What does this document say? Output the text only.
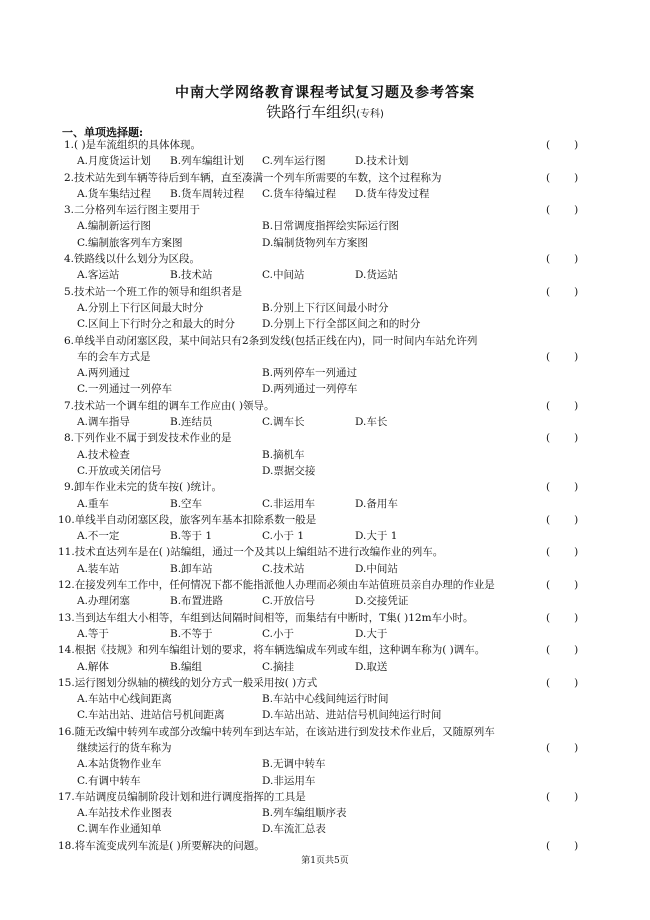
中南大学网络教育课程考试复习题及参考答案
铁路行车组织(专科)
一、单项选择题:
1.( )是车流组织的具体体现。	( )
A.月度货运计划 B.列车编组计划 C.列车运行图	D.技术计划
2.技术站先到车辆等待后到车辆，直至凑满一个列车所需要的车数，这个过程称为	( )
A.货车集结过程 B.货车周转过程 C.货车待编过程 D.货车待发过程
3.二分格列车运行图主要用于	( )
A.编制新运行图	B.日常调度指挥绘实际运行图
C.编制旅客列车方案图	D.编制货物列车方案图
4.铁路线以什么划分为区段。	( )
A.客运站	B.技术站	C.中间站	D.货运站
5.技术站一个班工作的领导和组织者是	( )
A.分别上下行区间最大时分	B.分别上下行区间最小时分
C.区间上下行时分之和最大的时分	D.分别上下行全部区间之和的时分
6.单线半自动闭塞区段，某中间站只有2条到发线(包括正线在内)，同一时间内车站允许列
车的会车方式是	( )
A.两列通过	B.两列停车一列通过
C.一列通过一列停车	D.两列通过一列停车
7.技术站一个调车组的调车工作应由( )领导。	( )
A.调车指导	B.连结员	C.调车长	D.车长
8.下列作业不属于到发技术作业的是	( )
A.技术检查	B.摘机车
C.开放或关闭信号	D.票据交接
9.卸车作业未完的货车按( )统计。	( )
A.重车	B.空车	C.非运用车	D.备用车
10.单线半自动闭塞区段，旅客列车基本扣除系数一般是	( )
A.不一定	B.等于 1	C.小于 1	D.大于 1
11.技术直达列车是在( )站编组，通过一个及其以上编组站不进行改编作业的列车。	( )
A.装车站	B.卸车站	C.技术站	D.中间站
12.在接发列车工作中，任何情况下都不能指派他人办理而必须由车站值班员亲自办理的作业是	( )
A.办理闭塞	B.布置进路	C.开放信号	D.交接凭证
13.当到达车组大小相等，车组到达间隔时间相等，而集结有中断时，T集( )12m车小时。	( )
A.等于	B.不等于	C.小于	D.大于
14.根据《技规》和列车编组计划的要求，将车辆选编成车列或车组，这种调车称为( )调车。	( )
A.解体	B.编组	C.摘挂	D.取送
15.运行图划分纵轴的横线的划分方式一般采用按( )方式	( )
A.车站中心线间距离	B.车站中心线间纯运行时间
C.车站出站、进站信号机间距离	D.车站出站、进站信号机间纯运行时间
16.随无改编中转列车或部分改编中转列车到达车站，在该站进行到发技术作业后，又随原列车
继续运行的货车称为	( )
A.本站货物作业车	B.无调中转车
C.有调中转车	D.非运用车
17.车站调度员编制阶段计划和进行调度指挥的工具是	( )
A.车站技术作业图表	B.列车编组顺序表
C.调车作业通知单	D.车流汇总表
18.将车流变成列车流是( )所要解决的问题。	( )
第1页共5页
